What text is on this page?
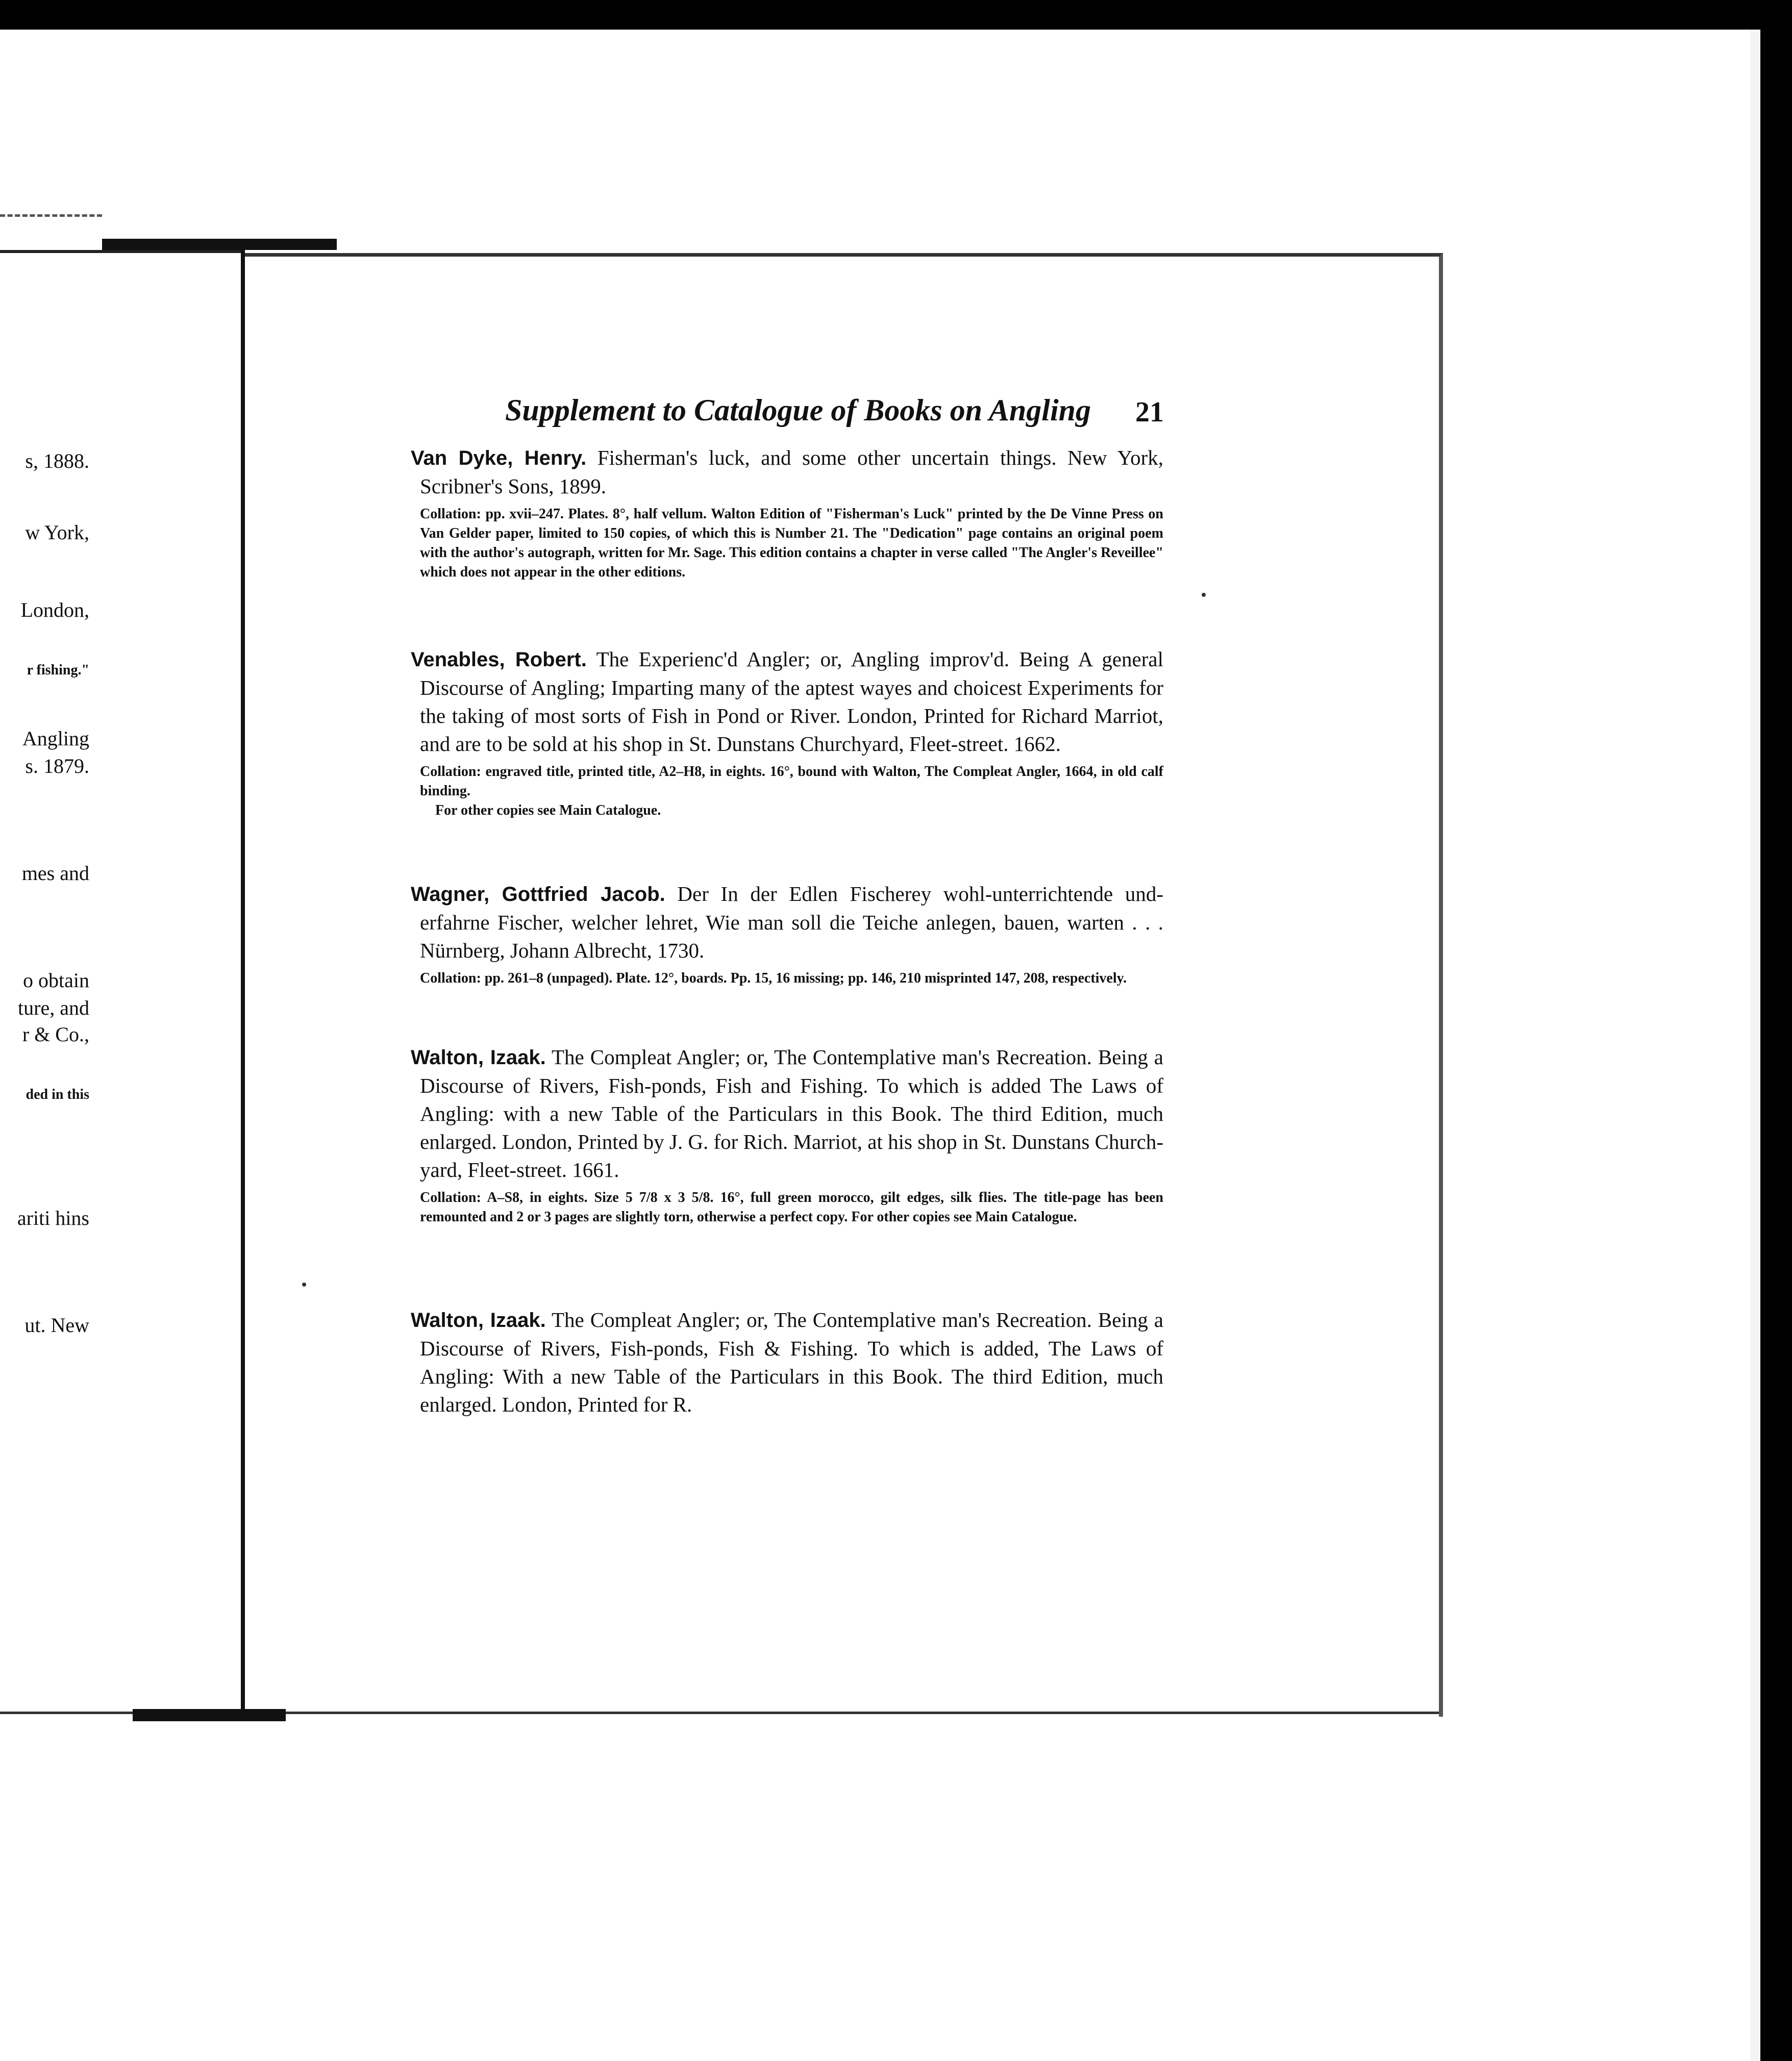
s, 1888.
w York,
London,
r fishing."
Angling
s. 1879.
mes and
o obtain
ture, and
r & Co.,
ded in this
ariti hins
ut. New
Supplement to Catalogue of Books on Angling	21

Van Dyke, Henry. Fisherman's luck, and some other uncertain things. New York, Scribner's Sons, 1899.

Collation: pp. xvii–247. Plates. 8°, half vellum. Walton Edition of "Fisherman's Luck" printed by the De Vinne Press on Van Gelder paper, limited to 150 copies, of which this is Number 21. The "Dedication" page contains an original poem with the author's autograph, written for Mr. Sage. This edition contains a chapter in verse called "The Angler's Reveillee" which does not appear in the other editions.

Venables, Robert. The Experienc'd Angler; or, Angling improv'd. Being A general Discourse of Angling; Imparting many of the aptest wayes and choicest Experiments for the taking of most sorts of Fish in Pond or River. London, Printed for Richard Marriot, and are to be sold at his shop in St. Dunstans Churchyard, Fleet-street. 1662.

Collation: engraved title, printed title, A2–H8, in eights. 16°, bound with Walton, The Compleat Angler, 1664, in old calf binding.

For other copies see Main Catalogue.

Wagner, Gottfried Jacob. Der In der Edlen Fischerey wohl-unterrichtende und-erfahrne Fischer, welcher lehret, Wie man soll die Teiche anlegen, bauen, warten . . . Nürnberg, Johann Albrecht, 1730.

Collation: pp. 261–8 (unpaged). Plate. 12°, boards. Pp. 15, 16 missing; pp. 146, 210 misprinted 147, 208, respectively.

Walton, Izaak. The Compleat Angler; or, The Contemplative man's Recreation. Being a Discourse of Rivers, Fish-ponds, Fish and Fishing. To which is added The Laws of Angling: with a new Table of the Particulars in this Book. The third Edition, much enlarged. London, Printed by J. G. for Rich. Marriot, at his shop in St. Dunstans Church-yard, Fleet-street. 1661.

Collation: A–S8, in eights. Size 5 7/8 x 3 5/8. 16°, full green morocco, gilt edges, silk flies. The title-page has been remounted and 2 or 3 pages are slightly torn, otherwise a perfect copy. For other copies see Main Catalogue.

Walton, Izaak. The Compleat Angler; or, The Contemplative man's Recreation. Being a Discourse of Rivers, Fish-ponds, Fish & Fishing. To which is added, The Laws of Angling: With a new Table of the Particulars in this Book. The third Edition, much enlarged. London, Printed for R.
